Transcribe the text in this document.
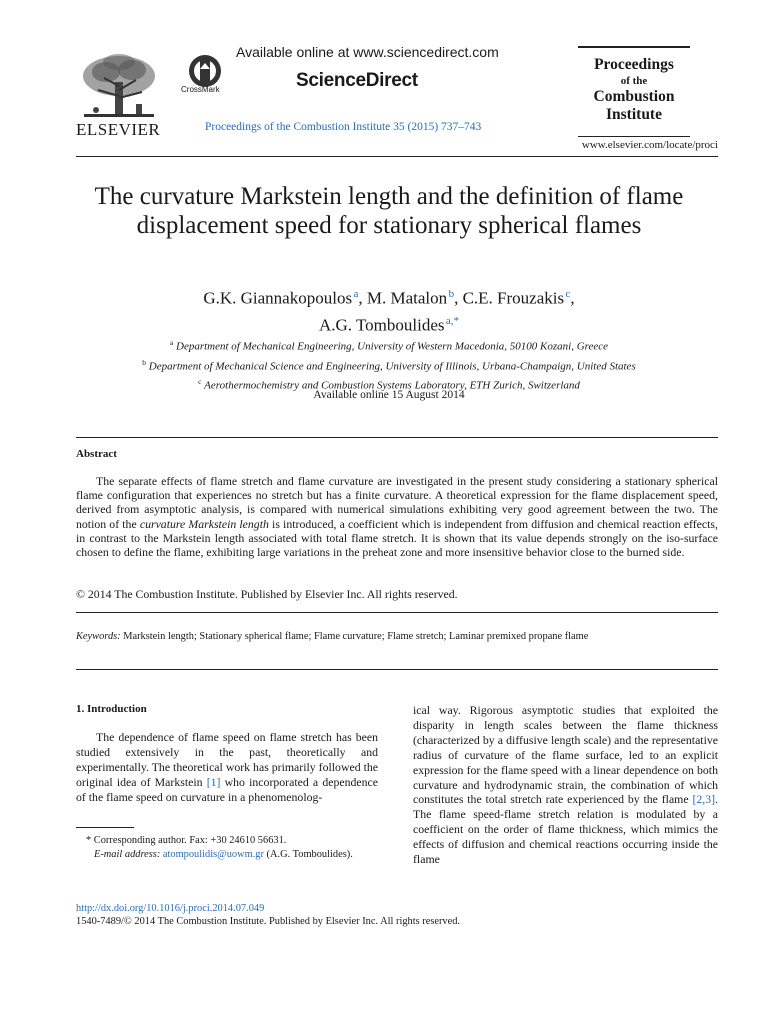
ELSEVIER
CrossMark
Available online at www.sciencedirect.com
ScienceDirect
Proceedings of the Combustion Institute 35 (2015) 737–743
Proceedings
of the
Combustion
Institute
www.elsevier.com/locate/proci
The curvature Markstein length and the definition of flame displacement speed for stationary spherical flames
G.K. Giannakopoulos $^a$, M. Matalon $^b$, C.E. Frouzakis $^c$,
A.G. Tomboulides $^{a,*}$
$^a$ Department of Mechanical Engineering, University of Western Macedonia, 50100 Kozani, Greece
$^b$ Department of Mechanical Science and Engineering, University of Illinois, Urbana-Champaign, United States
$^c$ Aerothermochemistry and Combustion Systems Laboratory, ETH Zurich, Switzerland
Available online 15 August 2014
Abstract
The separate effects of flame stretch and flame curvature are investigated in the present study considering a stationary spherical flame configuration that experiences no stretch but has a finite curvature. A theoretical expression for the flame displacement speed, derived from asymptotic analysis, is compared with numerical simulations exhibiting very good agreement between the two. The notion of the curvature Markstein length is introduced, a coefficient which is independent from diffusion and chemical reaction effects, in contrast to the Markstein length associated with total flame stretch. It is shown that its value depends strongly on the iso-surface chosen to define the flame, exhibiting large variations in the preheat zone and more insensitive behavior close to the burned side.
© 2014 The Combustion Institute. Published by Elsevier Inc. All rights reserved.
Keywords: Markstein length; Stationary spherical flame; Flame curvature; Flame stretch; Laminar premixed propane flame
1. Introduction
The dependence of flame speed on flame stretch has been studied extensively in the past, theoretically and experimentally. The theoretical work has primarily followed the original idea of Markstein [1] who incorporated a dependence of the flame speed on curvature in a phenomenolog-
ical way. Rigorous asymptotic studies that exploited the disparity in length scales between the flame thickness (characterized by a diffusive length scale) and the representative radius of curvature of the flame surface, led to an explicit expression for the flame speed with a linear dependence on both curvature and hydrodynamic strain, the combination of which constitutes the total stretch rate experienced by the flame [2,3]. The flame speed-flame stretch relation is modulated by a coefficient on the order of flame thickness, which mimics the effects of diffusion and chemical reactions occurring inside the flame
* Corresponding author. Fax: +30 24610 56631.
E-mail address: atompoulidis@uowm.gr (A.G. Tomboulides).
http://dx.doi.org/10.1016/j.proci.2014.07.049
1540-7489/© 2014 The Combustion Institute. Published by Elsevier Inc. All rights reserved.
